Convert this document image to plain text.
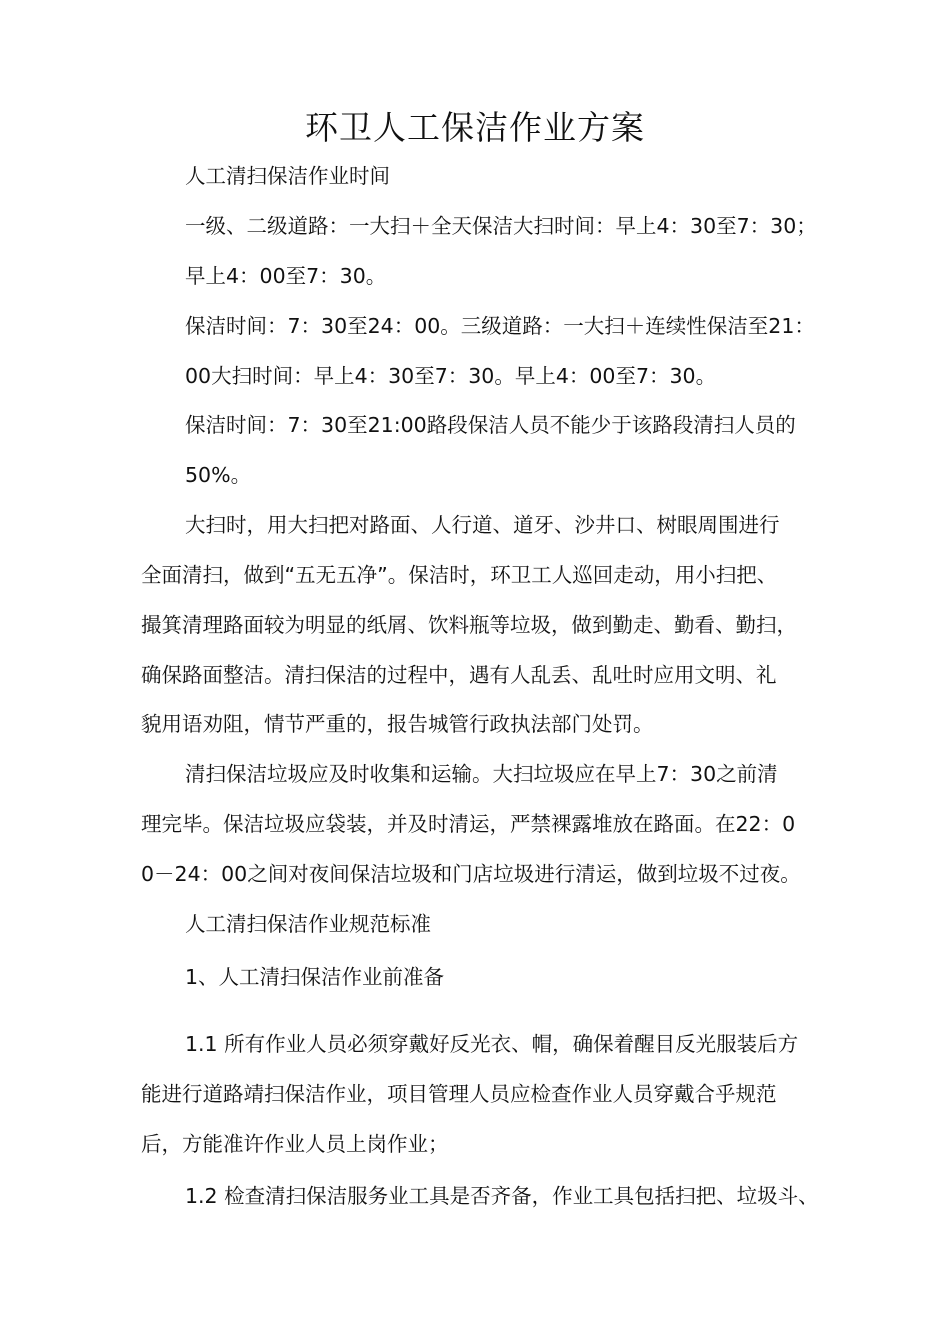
环卫人工保洁作业方案

人工清扫保洁作业时间

一级、二级道路：一大扫＋全天保洁大扫时间：早上4：30至7：30；

早上4：00至7：30。

保洁时间：7：30至24：00。三级道路：一大扫＋连续性保洁至21：

00大扫时间：早上4：30至7：30。早上4：00至7：30。

保洁时间：7：30至21:00路段保洁人员不能少于该路段清扫人员的

50%。

大扫时，用大扫把对路面、人行道、道牙、沙井口、树眼周围进行

全面清扫，做到“五无五净”。保洁时，环卫工人巡回走动，用小扫把、

撮箕清理路面较为明显的纸屑、饮料瓶等垃圾，做到勤走、勤看、勤扫，

确保路面整洁。清扫保洁的过程中，遇有人乱丢、乱吐时应用文明、礼

貌用语劝阻，情节严重的，报告城管行政执法部门处罚。

清扫保洁垃圾应及时收集和运输。大扫垃圾应在早上7：30之前清

理完毕。保洁垃圾应袋装，并及时清运，严禁裸露堆放在路面。在22：0

0－24：00之间对夜间保洁垃圾和门店垃圾进行清运，做到垃圾不过夜。

人工清扫保洁作业规范标准

1、人工清扫保洁作业前准备

1.1 所有作业人员必须穿戴好反光衣、帽，确保着醒目反光服装后方

能进行道路靖扫保洁作业，项目管理人员应检查作业人员穿戴合乎规范

后，方能准许作业人员上岗作业；

1.2 检查清扫保洁服务业工具是否齐备，作业工具包括扫把、垃圾斗、
